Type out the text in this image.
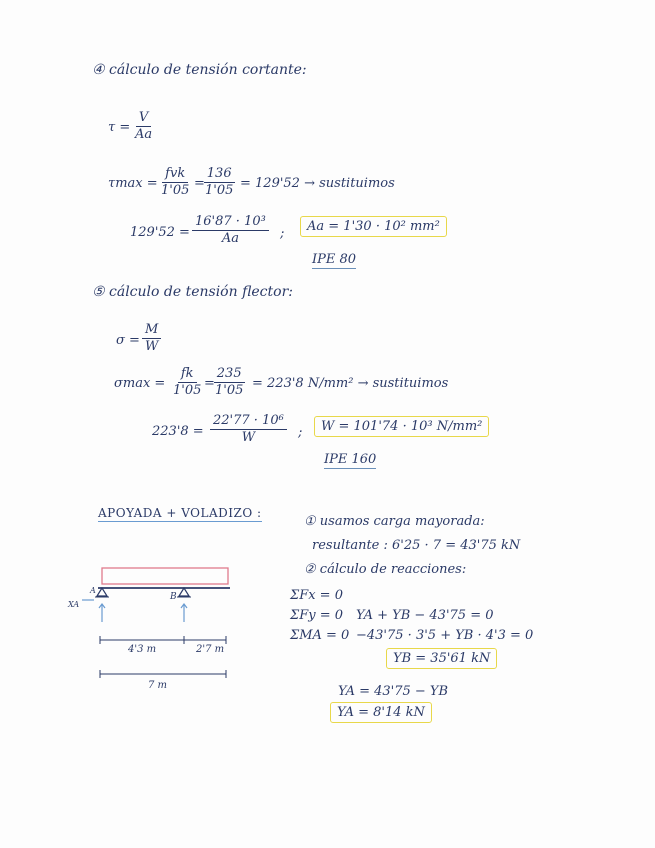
④ cálculo de tensión cortante:
$\tau = \frac{V}{Aa}$
τmax =
fvk
1'05 =
$\frac{136}{1'05} = 129'52$ → sustituimos
$129'52 = \frac{\text{16'87 · 10³}}{Aa}$ ;	Aa = 1'30 · 10² mm²
IPE 80
⑤ cálculo de tensión flector:
$\sigma = \frac{M}{W}$
$\sigma\max = \frac{fk}{1'05}$ =
$\frac{235}{1'05} = 223'8$ N/mm² → sustituimos
$223'8 = \frac{\text{22'77 · 10⁶}}{W}$ ;	W = 101'74 · 10³ N/mm²
IPE 160
APOYADA + VOLADIZO :
① usamos carga mayorada:
resultante : 6'25 · 7 = 43'75 kN
② cálculo de reacciones:
ΣFx = 0
ΣFy = 0 YA + YB − 43'75 = 0
ΣMA = 0 −43'75 · 3'5 + YB · 4'3 = 0
YB = 35'61 kN
YA = 43'75 − YB
YA = 8'14 kN
A
B
XA
4'3 m	2'7 m
7 m
